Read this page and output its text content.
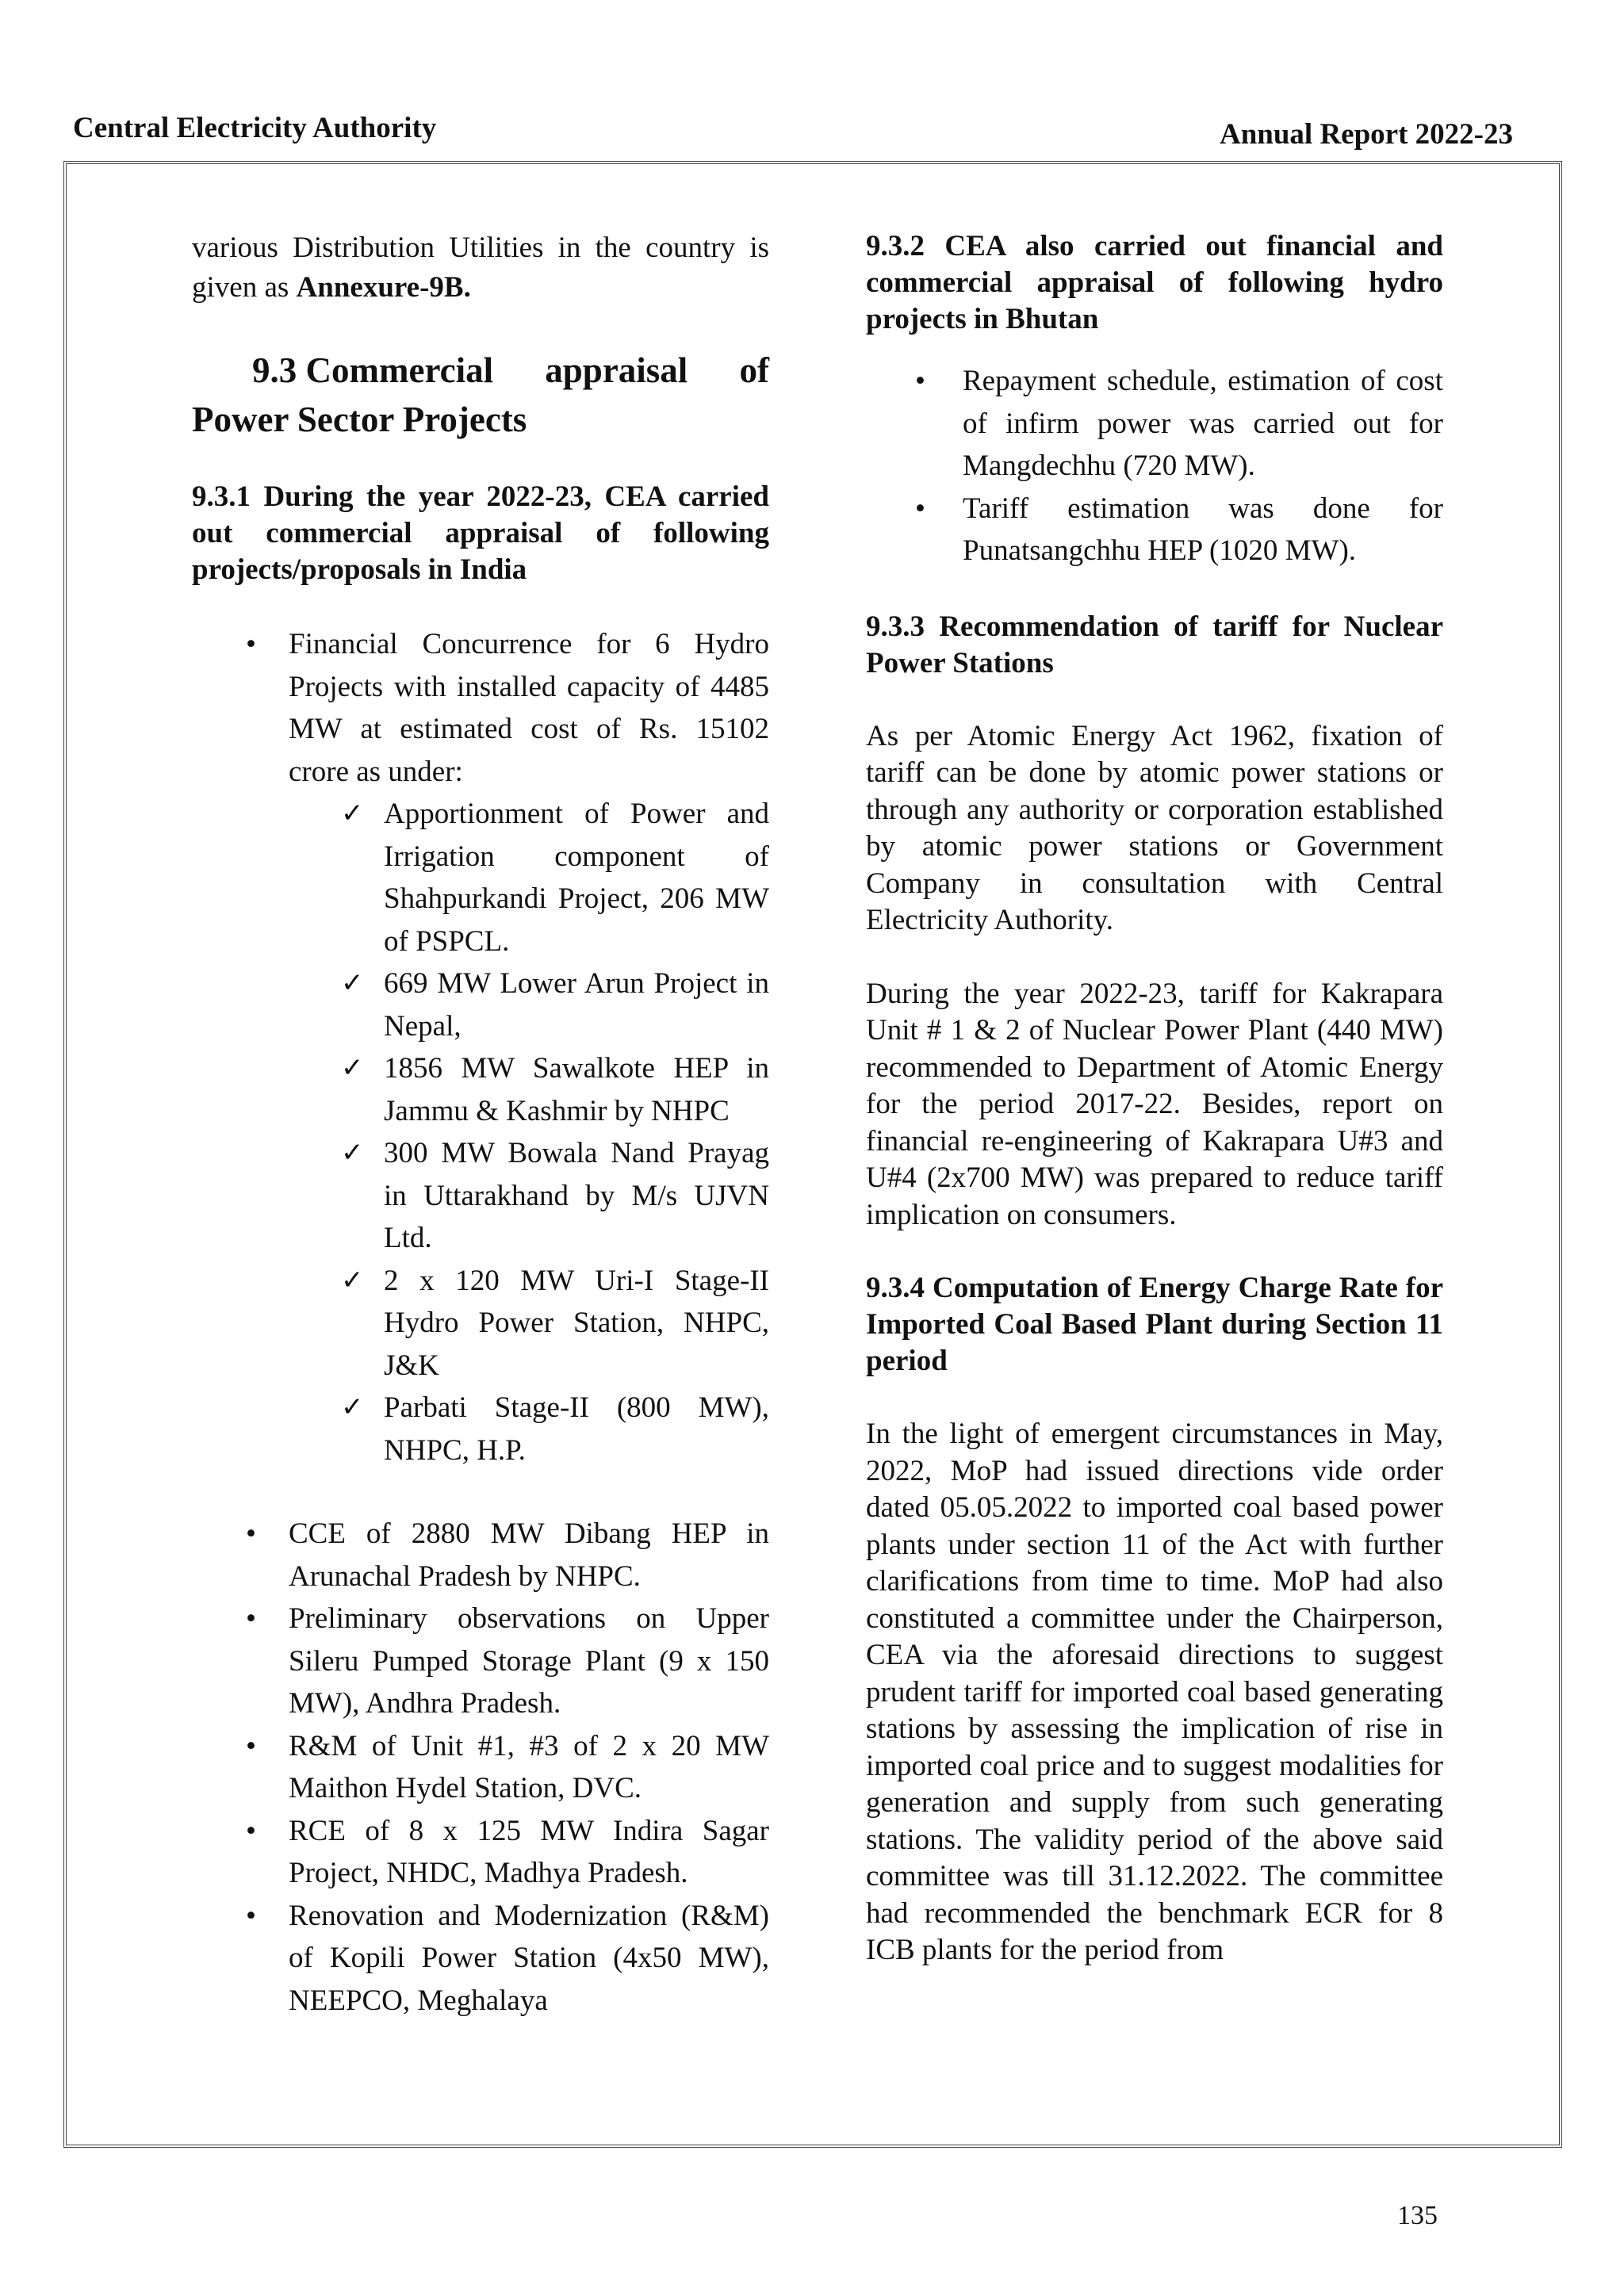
Central Electricity Authority	Annual Report 2022-23

various Distribution Utilities in the country is given as Annexure-9B.

9.3 Commercial appraisal of
Power Sector Projects

9.3.1 During the year 2022-23, CEA carried out commercial appraisal of following projects/proposals in India

• Financial Concurrence for 6 Hydro Projects with installed capacity of 4485 MW at estimated cost of Rs. 15102 crore as under:
✓ Apportionment of Power and Irrigation component of Shahpurkandi Project, 206 MW of PSPCL.
✓ 669 MW Lower Arun Project in Nepal,
✓ 1856 MW Sawalkote HEP in Jammu & Kashmir by NHPC
✓ 300 MW Bowala Nand Prayag in Uttarakhand by M/s UJVN Ltd.
✓ 2 x 120 MW Uri-I Stage-II Hydro Power Station, NHPC, J&K
✓ Parbati Stage-II (800 MW), NHPC, H.P.
• CCE of 2880 MW Dibang HEP in Arunachal Pradesh by NHPC.
• Preliminary observations on Upper Sileru Pumped Storage Plant (9 x 150 MW), Andhra Pradesh.
• R&M of Unit #1, #3 of 2 x 20 MW Maithon Hydel Station, DVC.
• RCE of 8 x 125 MW Indira Sagar Project, NHDC, Madhya Pradesh.
• Renovation and Modernization (R&M) of Kopili Power Station (4x50 MW), NEEPCO, Meghalaya

9.3.2 CEA also carried out financial and commercial appraisal of following hydro projects in Bhutan

• Repayment schedule, estimation of cost of infirm power was carried out for Mangdechhu (720 MW).
• Tariff estimation was done for Punatsangchhu HEP (1020 MW).

9.3.3 Recommendation of tariff for Nuclear Power Stations

As per Atomic Energy Act 1962, fixation of tariff can be done by atomic power stations or through any authority or corporation established by atomic power stations or Government Company in consultation with Central Electricity Authority.

During the year 2022-23, tariff for Kakrapara Unit # 1 & 2 of Nuclear Power Plant (440 MW) recommended to Department of Atomic Energy for the period 2017-22. Besides, report on financial re-engineering of Kakrapara U#3 and U#4 (2x700 MW) was prepared to reduce tariff implication on consumers.

9.3.4 Computation of Energy Charge Rate for Imported Coal Based Plant during Section 11 period

In the light of emergent circumstances in May, 2022, MoP had issued directions vide order dated 05.05.2022 to imported coal based power plants under section 11 of the Act with further clarifications from time to time. MoP had also constituted a committee under the Chairperson, CEA via the aforesaid directions to suggest prudent tariff for imported coal based generating stations by assessing the implication of rise in imported coal price and to suggest modalities for generation and supply from such generating stations. The validity period of the above said committee was till 31.12.2022. The committee had recommended the benchmark ECR for 8 ICB plants for the period from

135
